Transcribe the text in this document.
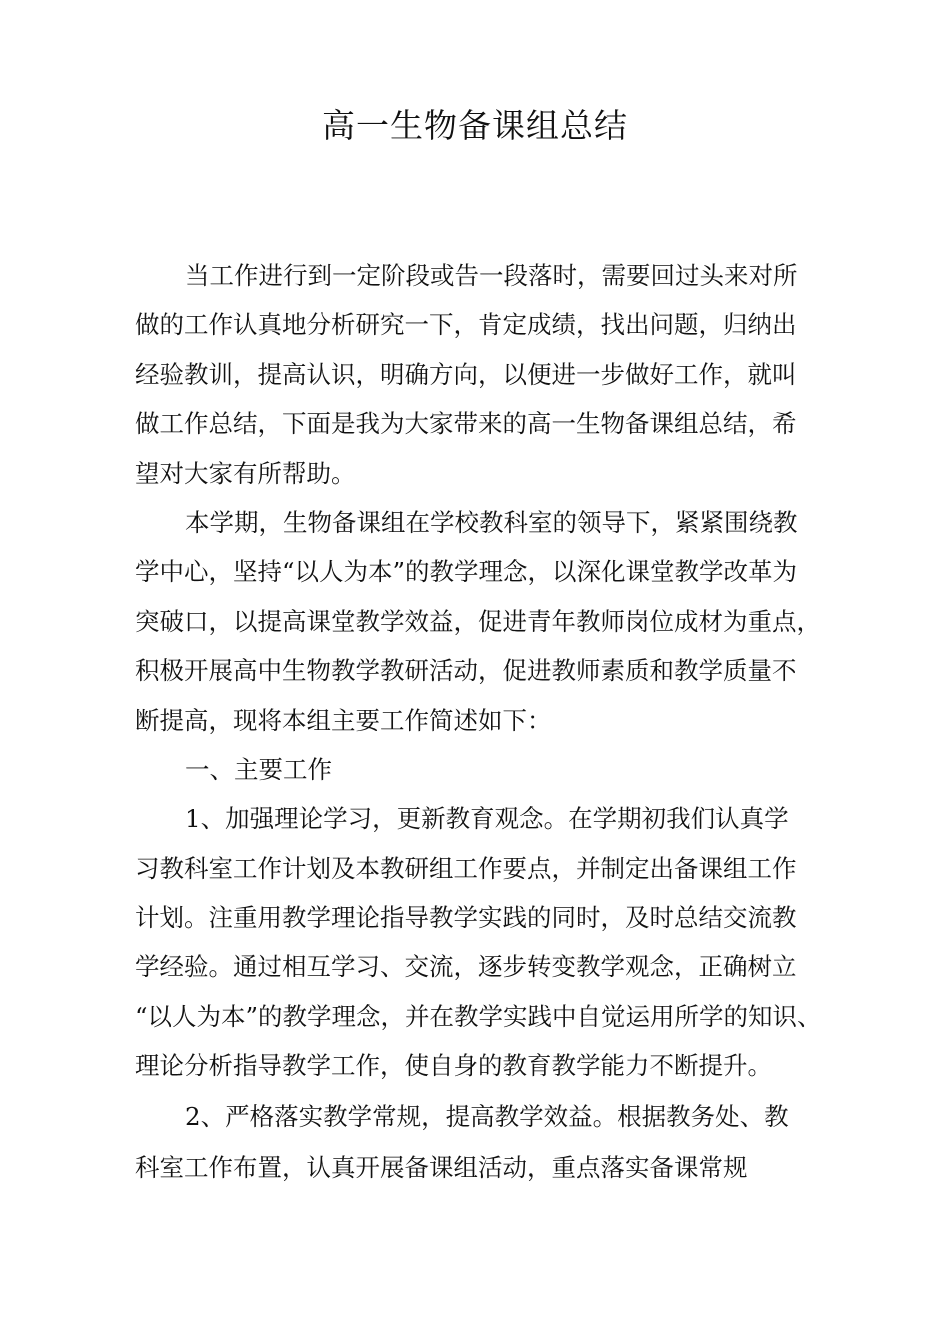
高一生物备课组总结
当工作进行到一定阶段或告一段落时，需要回过头来对所
做的工作认真地分析研究一下，肯定成绩，找出问题，归纳出
经验教训，提高认识，明确方向，以便进一步做好工作，就叫
做工作总结，下面是我为大家带来的高一生物备课组总结，希
望对大家有所帮助。
本学期，生物备课组在学校教科室的领导下，紧紧围绕教
学中心，坚持“以人为本”的教学理念，以深化课堂教学改革为
突破口，以提高课堂教学效益，促进青年教师岗位成材为重点，
积极开展高中生物教学教研活动，促进教师素质和教学质量不
断提高，现将本组主要工作简述如下：
一、主要工作
1、加强理论学习，更新教育观念。在学期初我们认真学
习教科室工作计划及本教研组工作要点，并制定出备课组工作
计划。注重用教学理论指导教学实践的同时，及时总结交流教
学经验。通过相互学习、交流，逐步转变教学观念，正确树立
“以人为本”的教学理念，并在教学实践中自觉运用所学的知识、
理论分析指导教学工作，使自身的教育教学能力不断提升。
2、严格落实教学常规，提高教学效益。根据教务处、教
科室工作布置，认真开展备课组活动，重点落实备课常规
